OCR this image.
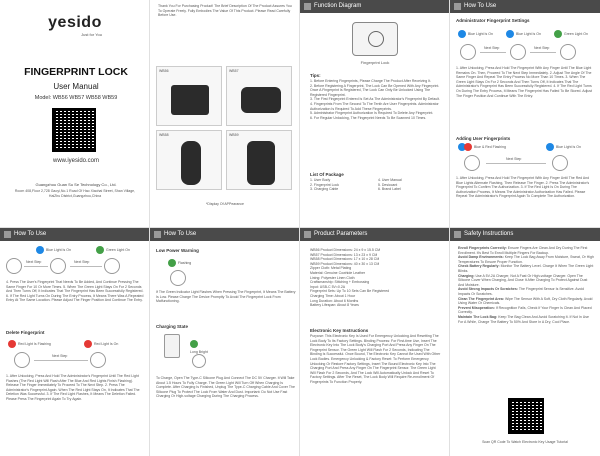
yesido
Just for You
FINGERPRINT LOCK
User Manual
Model: WB56 WB57 WB58 WB59
www.iyesido.com
Guangzhou Guan Su Se Technology Co., Ltd.
Room 408,Floor 2,728 Gaoyi,No.1 Road Of Hao Xiaohai Street, Shan Village, HaiZhu District,Guangzhou,China
Thank You For Purchasing Product! The Brief Description Of The Product Assures You To Operate Freely. Fully Embodies The Value Of This Product. Please Read Carefully Before Use.
WB56	WB57
WB58	WB59
*Display Of APPearance
Function Diagram
Fingerprint Lock
Tips:
1. Before Entering Fingerprints, Please Charge The Product After Receiving It.
2. Before Registering A Fingerprint, The Lock Can Be Opened With Any Fingerprint. Once A Fingerprint Is Registered, The Lock Can Only Be Unlocked Using The Registered Fingerprint.
3. The First Fingerprint Entered Is Set As The Administrator's Fingerprint By Default.
4. Fingerprints From The Second To The Tenth Are User Fingerprints. Administrator Authorization Is Required To Add These Fingerprints.
5. Administrator Fingerprint Authorization Is Required To Delete Any Fingerprint.
6. For Regular Unlocking, The Fingerprint Needs To Be Scanned 10 Times.
List Of Package
1. User Body
2. Fingerprint Lock
3. Charging Cable
4. User Manual
5. Desiccant
6. Brand Label
How To Use
Administrator Fingerprint Settings
Blue Light Is On	Blue Light Is On	Green Light On
Next Step	Next Step
1. After Unlocking, Press And Hold The Fingerprint With Any Finger Until The Blue Light Remains On. Then, Proceed To The Next Step Immediately. 2. Adjust The Angle Of The Same Finger And Repeat The Entry Process No More Than 10 Times. 3. When The Green Light Stays On For 2 Seconds And Then Turns Off, It Indicates That The Administrator's Fingerprint Has Been Successfully Registered. 4. If The Red Light Turns On During The Entry Process, It Means The Fingerprint Has Failed To Be Stored. Adjust The Finger Position And Continue With The Entry.
Adding User Fingerprints
Blue & Red Flashing	Blue Light Is On
Next Step
1. After Unlocking, Press And Hold The Fingerprint With Any Finger Until The Red And Blue Lights Alternate Flashing, Then Release The Finger. 2. Press The Administrator's Fingerprint To Confirm The Authorization. 3. If The Red Light Is On During The Authorization Process, It Means The Administrator Authorization Has Failed. Please Repeat The Administrator's Fingerprint Again To Complete The Authorization.
How To Use
Blue Light Is On	Green Light On
Next Step	Next Step
4. Press The User's Fingerprint That Needs To Be Added, And Continue Pressing The Same Finger For 10 Or More Times. 5. When The Green Light Stays On For 2 Seconds And Then Turns Off, It Indicates That The Fingerprint Has Been Successfully Registered. 6. If The Red Light Turns On During The Entry Process, It Means There Was A Repeated Entry At The Same Location. Please Adjust The Finger Position And Continue The Entry.
Delete Fingerprint
Red Light Is Flashing	Red Light Is On
Next Step
1. After Unlocking, Press And Hold The Administrator's Fingerprint Until The Red Light Flashes (The Red Light Will Flash After The Blue And Red Lights Finish Flashing). Release The Finger Immediately To Proceed To The Next Step. 2. Press The Administrator's Fingerprint Again. When The Red Light Stays On, It Indicates That The Deletion Was Successful. 3. If The Red Light Flashes, It Means The Deletion Failed. Please Press The Fingerprint Again To Try Again.
How To Use
Low Power Warning
Flashing
If The Green Indicator Light Flashes When Pressing The Fingerprint, It Means The Battery Is Low. Please Charge The Device Promptly To Avoid The Fingerprint Lock From Malfunctioning.
Charging State
Long Bright
To Charge, Open The Type-C Silicone Plug And Connect The DC 5V Charger. It Will Take About 1.5 Hours To Fully Charge. The Green Light Will Turn Off When Charging Is Complete. After Charging Is Finished, Unplug The Type-C Charging Cable And Cover The Silicone Plug To Protect The Lock From Water And Dust. Important: Do Not Use Fast Charging Or High-voltage Charging During The Charging Process.
Product Parameters
WB56 Product Dimensions: 24 x 9 x 15.5 CM
WB57 Product Dimensions: 13 x 23 x 9 CM
WB58 Product Dimensions: 17 x 10 x 28 CM
WB59 Product Dimensions: 40 x 30 x 13 CM
Zipper Cloth: Metal Plating
Material: Genuine Cowhide Leather
Lining: Polyester Linen Cloth
Craftsmanship: Stitching + Embossing
Input: USB-C 5V=0.2A
Fingerprint Sets: Up To 10 Sets Can Be Registered
Charging Time: About 1 Hour
Long Duration: About 6 Months
Battery Lifespan: About 8 Years
Electronic Key Instructions
Purpose: This Electronic Key Is Used For Emergency Unlocking And Resetting The Lock Body To Its Factory Settings. Binding Process: For First-time Use, Insert The Electronic Key Into The Lock Body's Charging Port And Press Any Finger On The Fingerprint Sensor. The Green Light Will Flash For 2 Seconds, Indicating The Binding Is Successful. Once Bound, The Electronic Key Cannot Be Used With Other Lock Bodies. Emergency Unlocking & Factory Reset: To Perform Emergency Unlocking Or Restore Factory Settings, Insert The Bound Electronic Key Into The Charging Port And Press Any Finger On The Fingerprint Sensor. The Green Light Will Flash For 2 Seconds, And The Lock Will Automatically Unlock And Reset To Factory Settings. After The Reset, The Lock Body Will Require Re-enrollment Of Fingerprints To Function Properly.
Safety Instructions
Enroll Fingerprints Correctly: Ensure Fingers Are Clean And Dry During The First Enrollment. It's Best To Enroll Multiple Fingers For Backup.
Avoid Damp Environments: Keep The Lock Bag Away From Moisture, Sweat, Or High Temperatures To Ensure Proper Function.
Check Battery Regularly: Monitor The Battery Level. Charge It When The Green Light Blinks.
Charging: Use A 5V-2A Charger, Not A Fast Or High-voltage Charger. Open The Silicone Cover When Charging, And Close It After Charging To Protect Against Dust And Moisture.
Avoid Strong Impacts Or Scratches: The Fingerprint Sensor Is Sensitive. Avoid Impacts Or Scratches.
Clean The Fingerprint Area: Wipe The Sensor With A Soft, Dry Cloth Regularly. Avoid Using Water Or Chemicals.
Prevent Misoperation: If Recognition Fails, Check If Your Finger Is Clean And Placed Correctly.
Maintain The Lock Bag: Keep The Bag Clean And Avoid Scratching It. If Not In Use For A While, Charge The Battery To 50% And Store In A Dry, Cool Place.
Scan QR Code To Watch Electronic Key Usage Tutorial
